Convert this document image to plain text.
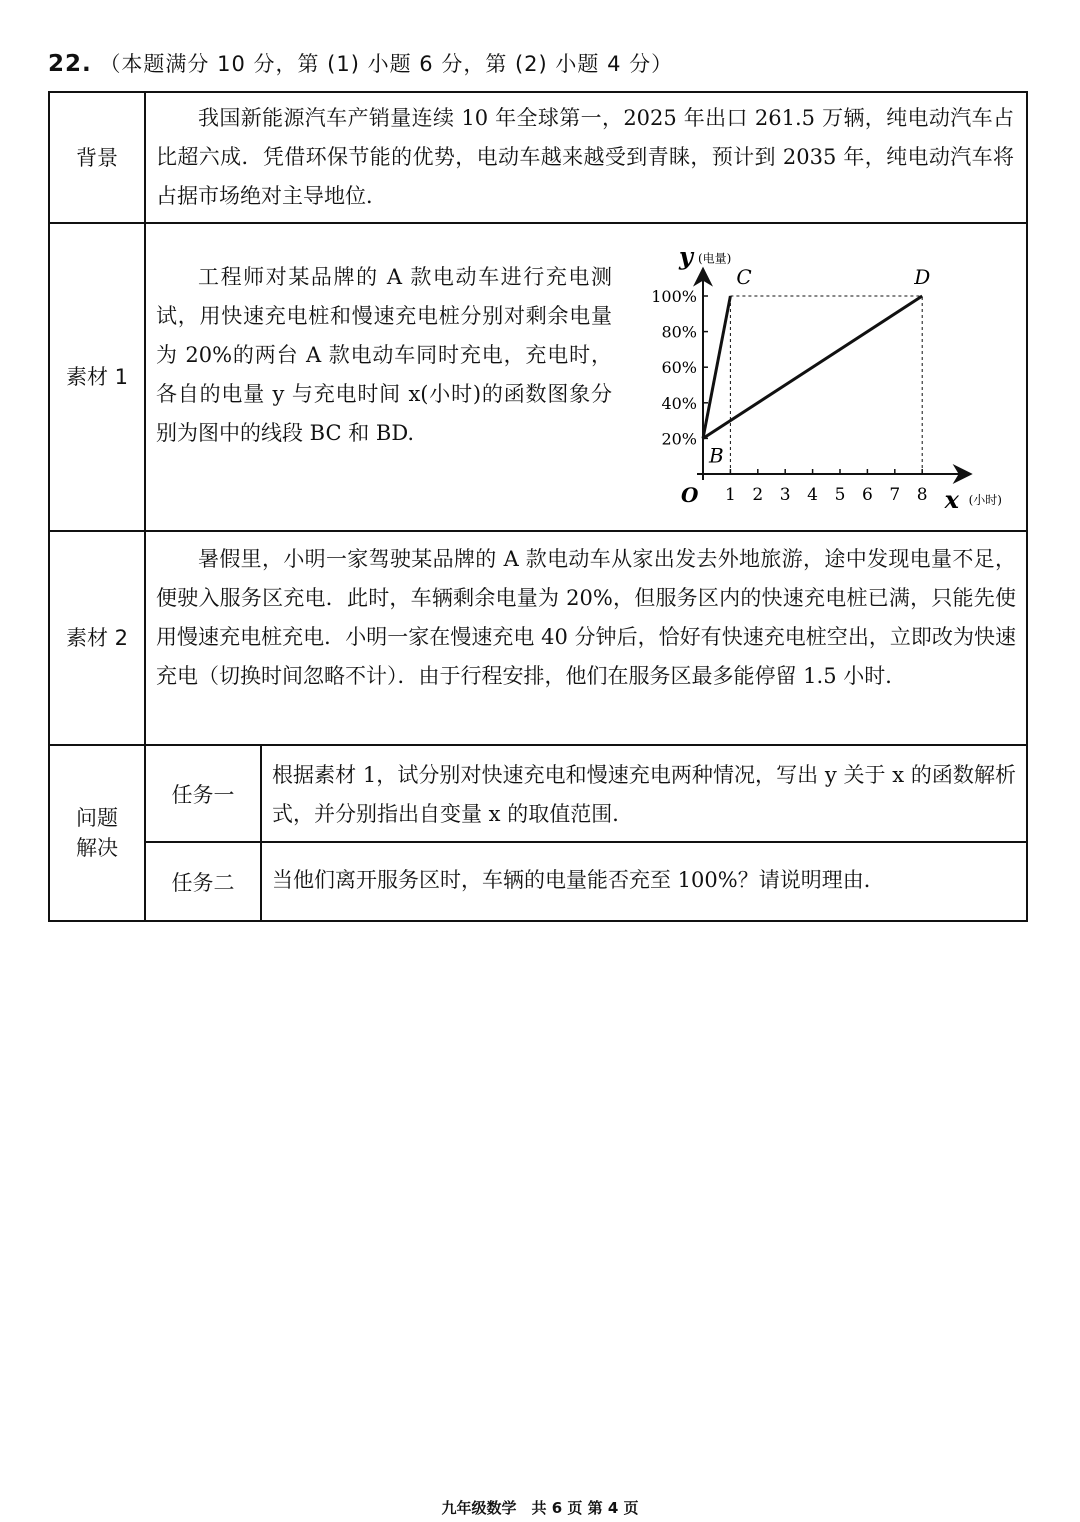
22. （本题满分 10 分，第 (1) 小题 6 分，第 (2) 小题 4 分）
背景
我国新能源汽车产销量连续 10 年全球第一，2025 年出口 261.5 万辆，纯电动汽车占比超六成．凭借环保节能的优势，电动车越来越受到青睐，预计到 2035 年，纯电动汽车将占据市场绝对主导地位．
素材 1
工程师对某品牌的 A 款电动车进行充电测试，用快速充电桩和慢速充电桩分别对剩余电量为 20%的两台 A 款电动车同时充电，充电时，各自的电量 y 与充电时间 x(小时)的函数图象分别为图中的线段 BC 和 BD.
素材 2
暑假里，小明一家驾驶某品牌的 A 款电动车从家出发去外地旅游，途中发现电量不足，便驶入服务区充电．此时，车辆剩余电量为 20%，但服务区内的快速充电桩已满，只能先使用慢速充电桩充电．小明一家在慢速充电 40 分钟后，恰好有快速充电桩空出，立即改为快速充电（切换时间忽略不计）．由于行程安排，他们在服务区最多能停留 1.5 小时．
问题解决
任务一
根据素材 1，试分别对快速充电和慢速充电两种情况，写出 y 关于 x 的函数解析式，并分别指出自变量 x 的取值范围．
任务二	当他们离开服务区时，车辆的电量能否充至 100%？请说明理由．
y (电量)
x (小时)
O 1 2 3 4 5 6 7 8
20%
40%
60%
80%
100%
B
C	D
九年级数学　共 6 页 第 4 页
